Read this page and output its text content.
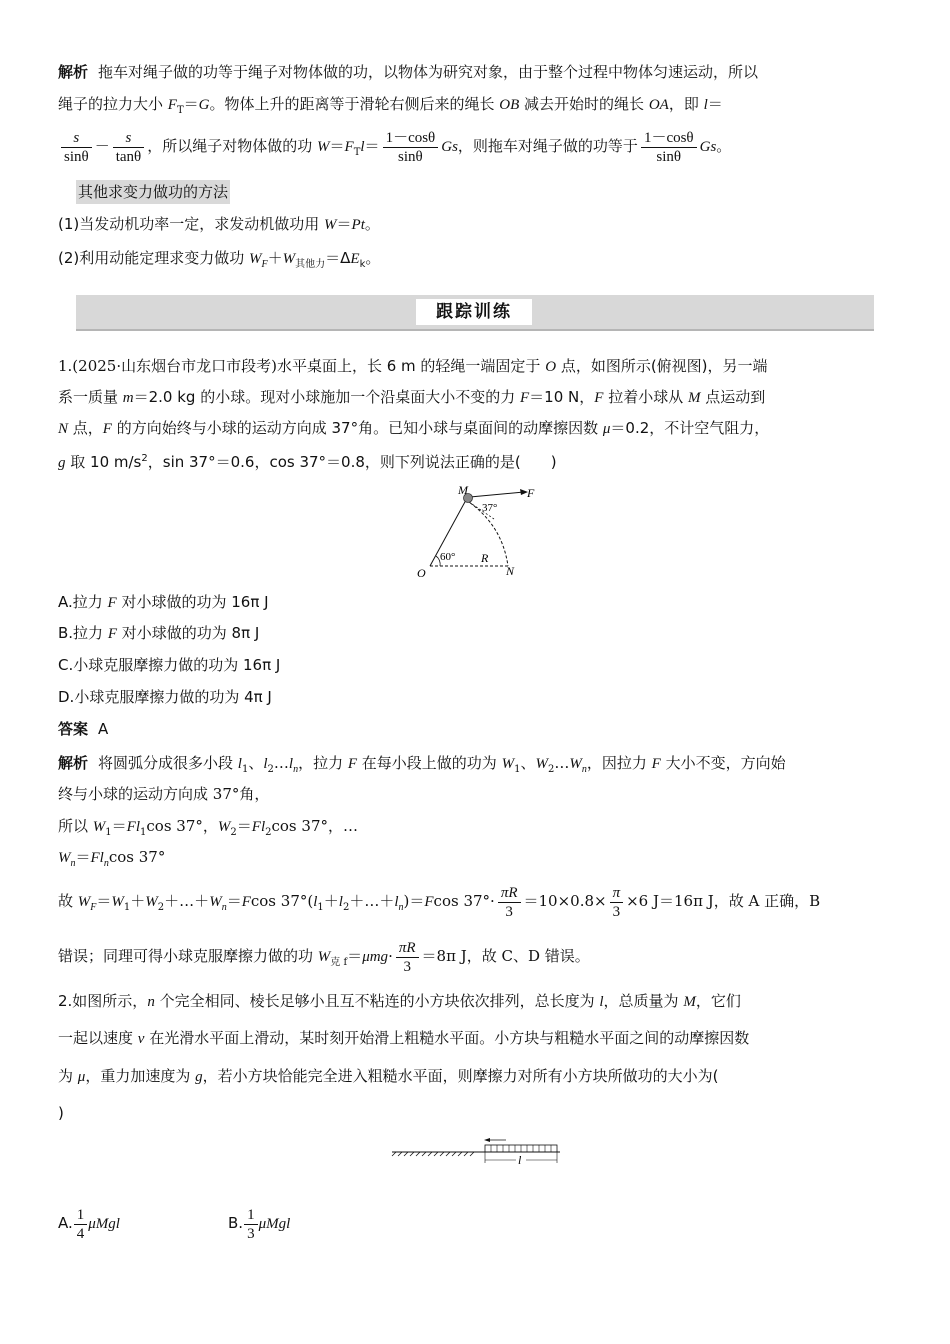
解析 拖车对绳子做的功等于绳子对物体做的功，以物体为研究对象，由于整个过程中物体匀速运动，所以
绳子的拉力大小 $F_T=G$。物体上升的距离等于滑轮右侧后来的绳长 OB 减去开始时的绳长 OA，即 l＝
$\frac{s}{\sin\theta} - \frac{s}{\tan\theta}$ ，所以绳子对物体做的功 $W=F_Tl= \frac{1-\cos\theta}{\sin\theta}$ Gs，则拖车对绳子做的功等于 $\frac{1-\cos\theta}{\sin\theta}$ Gs。
其他求变力做功的方法
(1)当发动机功率一定，求发动机做功用 W＝Pt。
(2)利用动能定理求变力做功 $W_F+W_{其他力}=\Delta E_k$。
跟踪训练
1.(2025·山东烟台市龙口市段考)水平桌面上，长 6 m 的轻绳一端固定于 O 点，如图所示(俯视图)，另一端
系一质量 m＝2.0 kg 的小球。现对小球施加一个沿桌面大小不变的力 F＝10 N，F 拉着小球从 M 点运动到
N 点，F 的方向始终与小球的运动方向成 37°角。已知小球与桌面间的动摩擦因数 μ＝0.2，不计空气阻力，
g 取 10 $m/s^2$，sin 37°＝0.6，cos 37°＝0.8，则下列说法正确的是(　　)
M	F
37°
60° R
O	N
A.拉力 F 对小球做的功为 16π J
B.拉力 F 对小球做的功为 8π J
C.小球克服摩擦力做的功为 16π J
D.小球克服摩擦力做的功为 4π J
答案 A
解析 将圆弧分成很多小段 $l_1$、$l_2\dots l_n$，拉力 F 在每小段上做的功为 $W_1$、$W_2\dots W_n$，因拉力 F 大小不变，方向始
终与小球的运动方向成 37°角，
所以 $W_1=Fl_1\cos$ 37°，$W_2=Fl_2\cos$ 37°，…
$W_n=Fl_n\cos$ 37°
故 $W_F=W_1+W_2+\dots+W_n=Fcos$ $37^\circ(l_1+l_2+\dots+l_n)=Fcos$ $37^\circ\cdot \frac{\pi R}{3} =10\times 0.8\times \frac{\pi}{3} \times 6$ J＝16π J，故 A 正确，B
错误；同理可得小球克服摩擦力做的功 $W_{克 f}=\mu mg\cdot \frac{\pi R}{3} =8\pi$ J，故 C、D 错误。
2.如图所示，n 个完全相同、棱长足够小且互不粘连的小方块依次排列，总长度为 l，总质量为 M，它们
一起以速度 v 在光滑水平面上滑动，某时刻开始滑上粗糙水平面。小方块与粗糙水平面之间的动摩擦因数
为 μ，重力加速度为 g，若小方块恰能完全进入粗糙水平面，则摩擦力对所有小方块所做功的大小为(
)
l
A. $\frac{1}{4}$ μMgl	B. $\frac{1}{3}$ μMgl
